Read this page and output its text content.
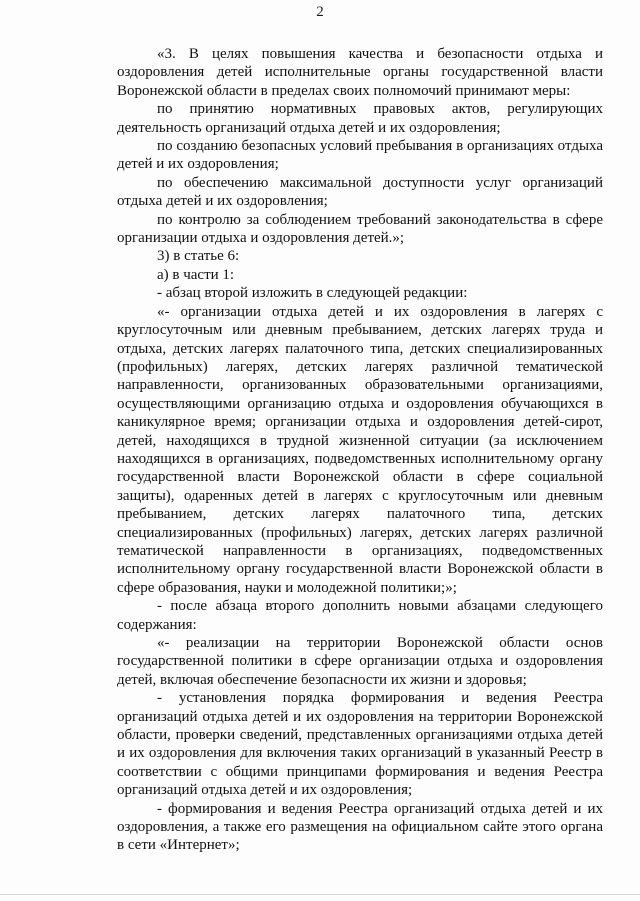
2

«3. В целях повышения качества и безопасности отдыха и оздоровления детей исполнительные органы государственной власти Воронежской области в пределах своих полномочий принимают меры:

по принятию нормативных правовых актов, регулирующих деятельность организаций отдыха детей и их оздоровления;

по созданию безопасных условий пребывания в организациях отдыха детей и их оздоровления;

по обеспечению максимальной доступности услуг организаций отдыха детей и их оздоровления;

по контролю за соблюдением требований законодательства в сфере организации отдыха и оздоровления детей.»;

3) в статье 6:

а) в части 1:

- абзац второй изложить в следующей редакции:

«- организации отдыха детей и их оздоровления в лагерях с круглосуточным или дневным пребыванием, детских лагерях труда и отдыха, детских лагерях палаточного типа, детских специализированных (профильных) лагерях, детских лагерях различной тематической направленности, организованных образовательными организациями, осуществляющими организацию отдыха и оздоровления обучающихся в каникулярное время; организации отдыха и оздоровления детей-сирот, детей, находящихся в трудной жизненной ситуации (за исключением находящихся в организациях, подведомственных исполнительному органу государственной власти Воронежской области в сфере социальной защиты), одаренных детей в лагерях с круглосуточным или дневным пребыванием, детских лагерях палаточного типа, детских специализированных (профильных) лагерях, детских лагерях различной тематической направленности в организациях, подведомственных исполнительному органу государственной власти Воронежской области в сфере образования, науки и молодежной политики;»;

- после абзаца второго дополнить новыми абзацами следующего содержания:

«- реализации на территории Воронежской области основ государственной политики в сфере организации отдыха и оздоровления детей, включая обеспечение безопасности их жизни и здоровья;

- установления порядка формирования и ведения Реестра организаций отдыха детей и их оздоровления на территории Воронежской области, проверки сведений, представленных организациями отдыха детей и их оздоровления для включения таких организаций в указанный Реестр в соответствии с общими принципами формирования и ведения Реестра организаций отдыха детей и их оздоровления;

- формирования и ведения Реестра организаций отдыха детей и их оздоровления, а также его размещения на официальном сайте этого органа в сети «Интернет»;
